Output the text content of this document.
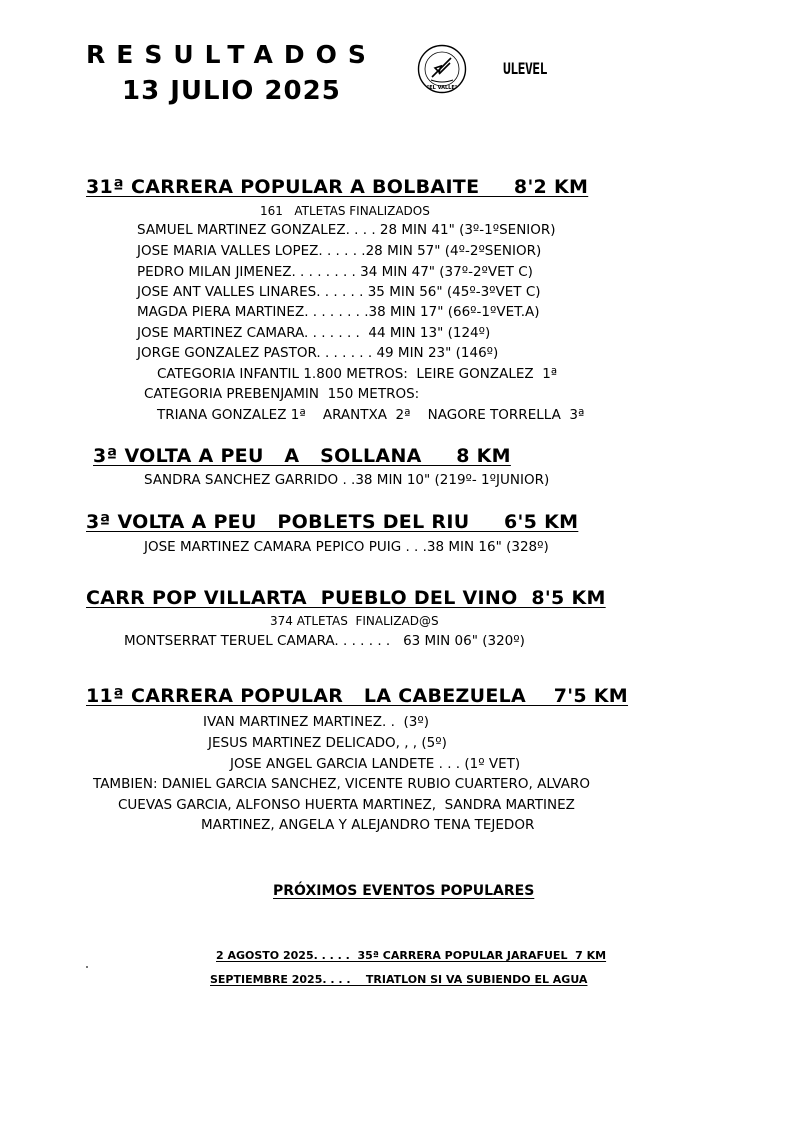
RESULTADOS
13 JULIO 2025	"EL VALLE"
ULEVEL
31ª CARRERA POPULAR A BOLBAITE     8'2 KM
161   ATLETAS FINALIZADOS
SAMUEL MARTINEZ GONZALEZ. . . . 28 MIN 41" (3º-1ºSENIOR)
JOSE MARIA VALLES LOPEZ. . . . . .28 MIN 57" (4º-2ºSENIOR)
PEDRO MILAN JIMENEZ. . . . . . . . 34 MIN 47" (37º-2ºVET C)
JOSE ANT VALLES LINARES. . . . . . 35 MIN 56" (45º-3ºVET C)
MAGDA PIERA MARTINEZ. . . . . . . .38 MIN 17" (66º-1ºVET.A)
JOSE MARTINEZ CAMARA. . . . . . .  44 MIN 13" (124º)
JORGE GONZALEZ PASTOR. . . . . . . 49 MIN 23" (146º)
CATEGORIA INFANTIL 1.800 METROS:  LEIRE GONZALEZ  1ª
CATEGORIA PREBENJAMIN  150 METROS:
TRIANA GONZALEZ 1ª    ARANTXA  2ª    NAGORE TORRELLA  3ª
3ª VOLTA A PEU   A   SOLLANA     8 KM
SANDRA SANCHEZ GARRIDO . .38 MIN 10" (219º- 1ºJUNIOR)
3ª VOLTA A PEU   POBLETS DEL RIU     6'5 KM
JOSE MARTINEZ CAMARA PEPICO PUIG . . .38 MIN 16" (328º)
CARR POP VILLARTA  PUEBLO DEL VINO  8'5 KM
374 ATLETAS  FINALIZAD@S
MONTSERRAT TERUEL CAMARA. . . . . . .   63 MIN 06" (320º)
11ª CARRERA POPULAR   LA CABEZUELA    7'5 KM
IVAN MARTINEZ MARTINEZ. .  (3º)
JESUS MARTINEZ DELICADO, , , (5º)
JOSE ANGEL GARCIA LANDETE . . . (1º VET)
TAMBIEN: DANIEL GARCIA SANCHEZ, VICENTE RUBIO CUARTERO, ALVARO
CUEVAS GARCIA, ALFONSO HUERTA MARTINEZ,  SANDRA MARTINEZ
MARTINEZ, ANGELA Y ALEJANDRO TENA TEJEDOR
PRÓXIMOS EVENTOS POPULARES
2 AGOSTO 2025. . . . .  35ª CARRERA POPULAR JARAFUEL  7 KM
SEPTIEMBRE 2025. . . .    TRIATLON SI VA SUBIENDO EL AGUA
